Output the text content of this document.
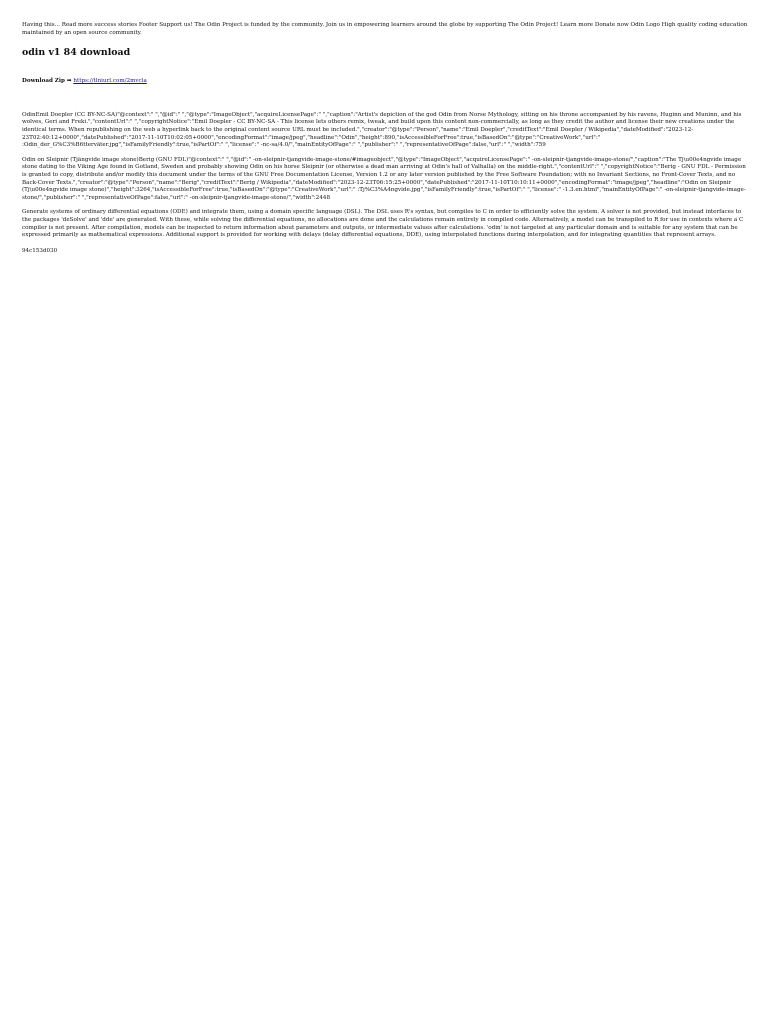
Having this... Read more success stories Footer Support us! The Odin Project is funded by the community. Join us in empowering learners around the globe by supporting The Odin Project! Learn more Donate now Odin Logo High quality coding education maintained by an open source community.

odin v1 84 download

Download Zip ➡ https://tlniurl.com/2mvcla

OdinEmil Doepler (CC BY-NC-SA)"@context":" ","@id":" ","@type":"ImageObject","acquireLicensePage":" ","caption":"Artist's depiction of the god Odin from Norse Mythology, sitting on his throne accompanied by his ravens, Huginn and Muninn, and his wolves, Geri and Freki.","contentUrl":" ","copyrightNotice":"Emil Doepler - CC BY-NC-SA - This license lets others remix, tweak, and build upon this content non-commercially, as long as they credit the author and license their new creations under the identical terms. When republishing on the web a hyperlink back to the original content source URL must be included.","creator":"@type":"Person","name":"Emil Doepler","creditText":"Emil Doepler / Wikipedia","dateModified":"2023-12-23T02:40:12+0000","datePublished":"2017-11-10T10:02:05+0000","encodingFormat":"image/jpeg","headline":"Odin","height":890,"isAccessibleForFree":true,"isBasedOn":"@type":"CreativeWork","url":" :Odin_der_G%C3%B6tterväter.jpg","isFamilyFriendly":true,"isPartOf":" ","license":" -nc-sa/4.0/","mainEntityOfPage":" ","publisher":" ","representativeOfPage":false,"url":" ","width":759

Odin on Sleipnir (Tjängvide image stone)Berig (GNU FDL)"@context":" ","@id":" -on-sleipnir-tjangvide-image-stone/#imageobject","@type":"ImageObject","acquireLicensePage":" -on-sleipnir-tjangvide-image-stone/","caption":"The Tj\u00e4ngvide image stone dating to the Viking Age found in Gotland, Sweden and probably showing Odin on his horse Sleipnir (or otherwise a dead man arriving at Odin's hall of Valhalla) on the middle-right.","contentUrl":" ","copyrightNotice":"Berig - GNU FDL - Permission is granted to copy, distribute and/or modify this document under the terms of the GNU Free Documentation License, Version 1.2 or any later version published by the Free Software Foundation; with no Invariant Sections, no Front-Cover Texts, and no Back-Cover Texts.","creator":"@type":"Person","name":"Berig","creditText":"Berig / Wikipedia","dateModified":"2023-12-23T06:15:25+0000","datePublished":"2017-11-10T10:10:11+0000","encodingFormat":"image/jpeg","headline":"Odin on Sleipnir (Tj\u00e4ngvide image stone)","height":3264,"isAccessibleForFree":true,"isBasedOn":"@type":"CreativeWork","url":" :Tj%C3%A4ngvide.jpg","isFamilyFriendly":true,"isPartOf":" ","license":" -1.3.en.html","mainEntityOfPage":" -on-sleipnir-tjangvide-image-stone/","publisher":" ","representativeOfPage":false,"url":" -on-sleipnir-tjangvide-image-stone/","width":2448

Generate systems of ordinary differential equations (ODE) and integrate them, using a domain specific language (DSL). The DSL uses R's syntax, but compiles to C in order to efficiently solve the system. A solver is not provided, but instead interfaces to the packages 'deSolve' and 'dde' are generated. With these, while solving the differential equations, no allocations are done and the calculations remain entirely in compiled code. Alternatively, a model can be transpiled to R for use in contexts where a C compiler is not present. After compilation, models can be inspected to return information about parameters and outputs, or intermediate values after calculations. 'odin' is not targeted at any particular domain and is suitable for any system that can be expressed primarily as mathematical expressions. Additional support is provided for working with delays (delay differential equations, DDE), using interpolated functions during interpolation, and for integrating quantities that represent arrays.

94c153d030
